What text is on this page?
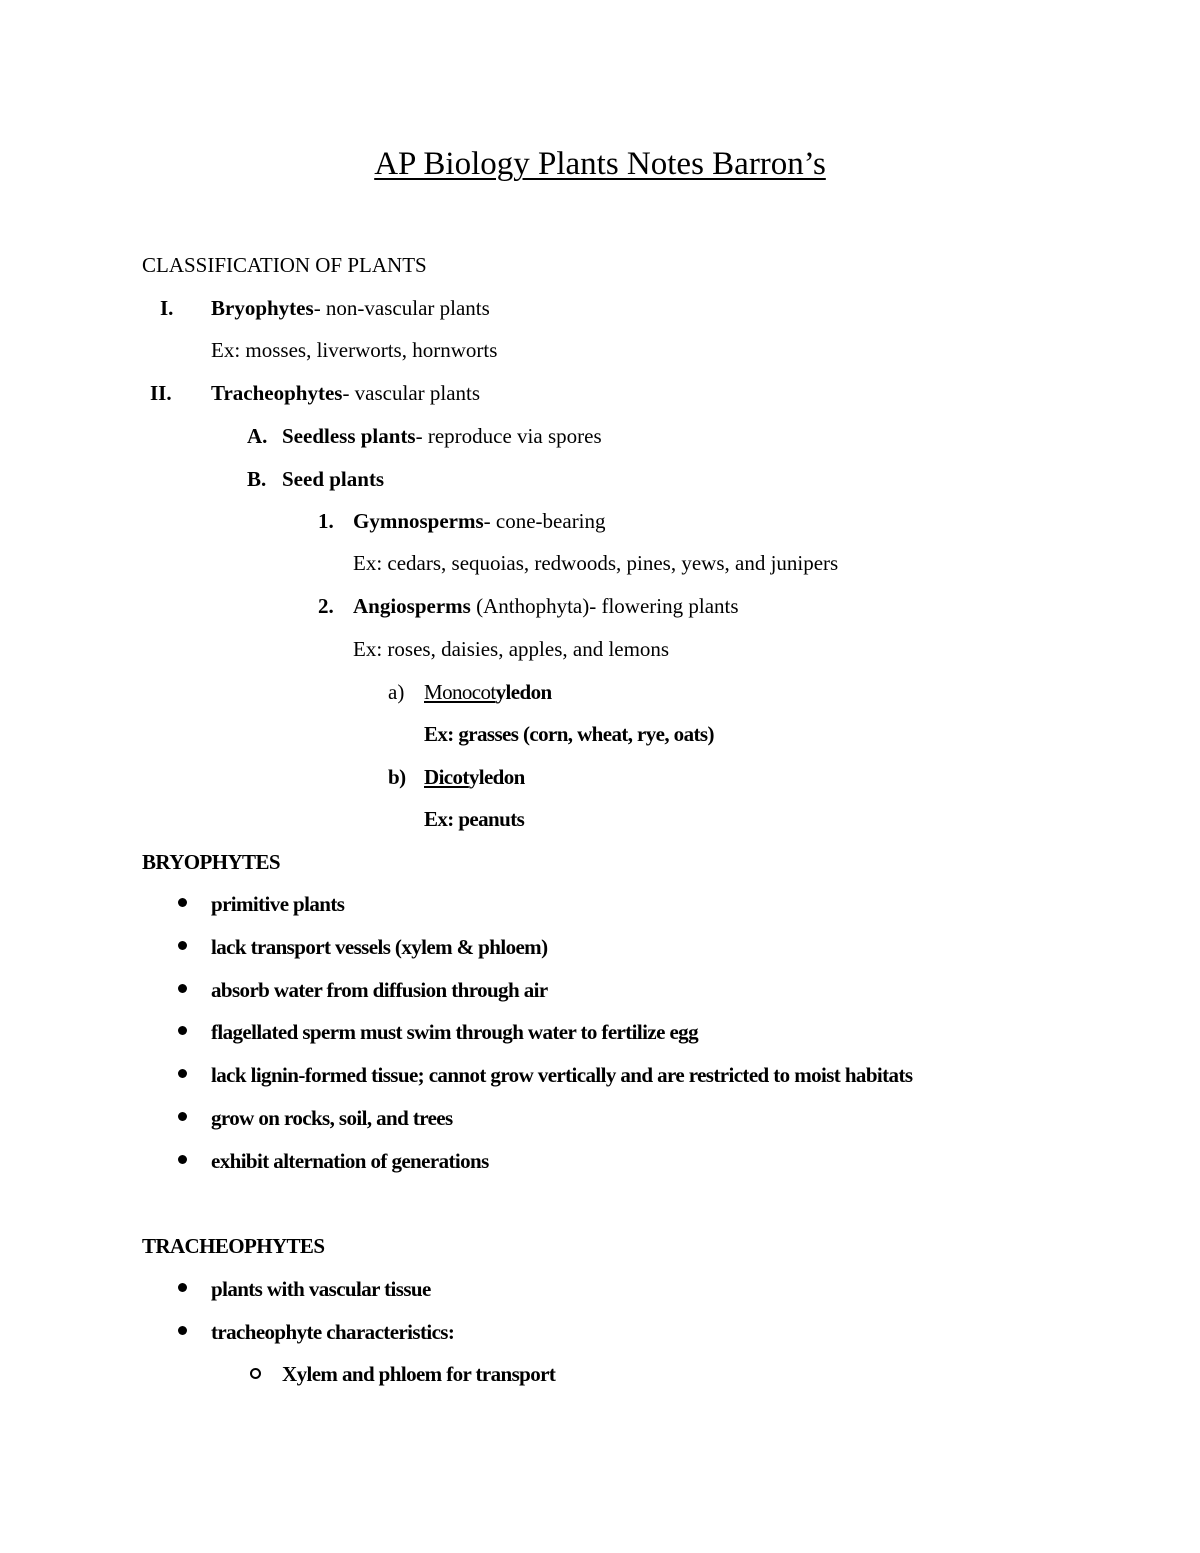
AP Biology Plants Notes Barron’s
CLASSIFICATION OF PLANTS
I. Bryophytes- non-vascular plants
Ex: mosses, liverworts, hornworts
II. Tracheophytes- vascular plants
A. Seedless plants- reproduce via spores
B. Seed plants
1. Gymnosperms- cone-bearing
Ex: cedars, sequoias, redwoods, pines, yews, and junipers
2. Angiosperms (Anthophyta)- flowering plants
Ex: roses, daisies, apples, and lemons
a) Monocotyledon
Ex: grasses (corn, wheat, rye, oats)
b) Dicotyledon
Ex: peanuts
BRYOPHYTES
primitive plants
lack transport vessels (xylem & phloem)
absorb water from diffusion through air
flagellated sperm must swim through water to fertilize egg
lack lignin-formed tissue; cannot grow vertically and are restricted to moist habitats
grow on rocks, soil, and trees
exhibit alternation of generations
TRACHEOPHYTES
plants with vascular tissue
tracheophyte characteristics:
Xylem and phloem for transport
